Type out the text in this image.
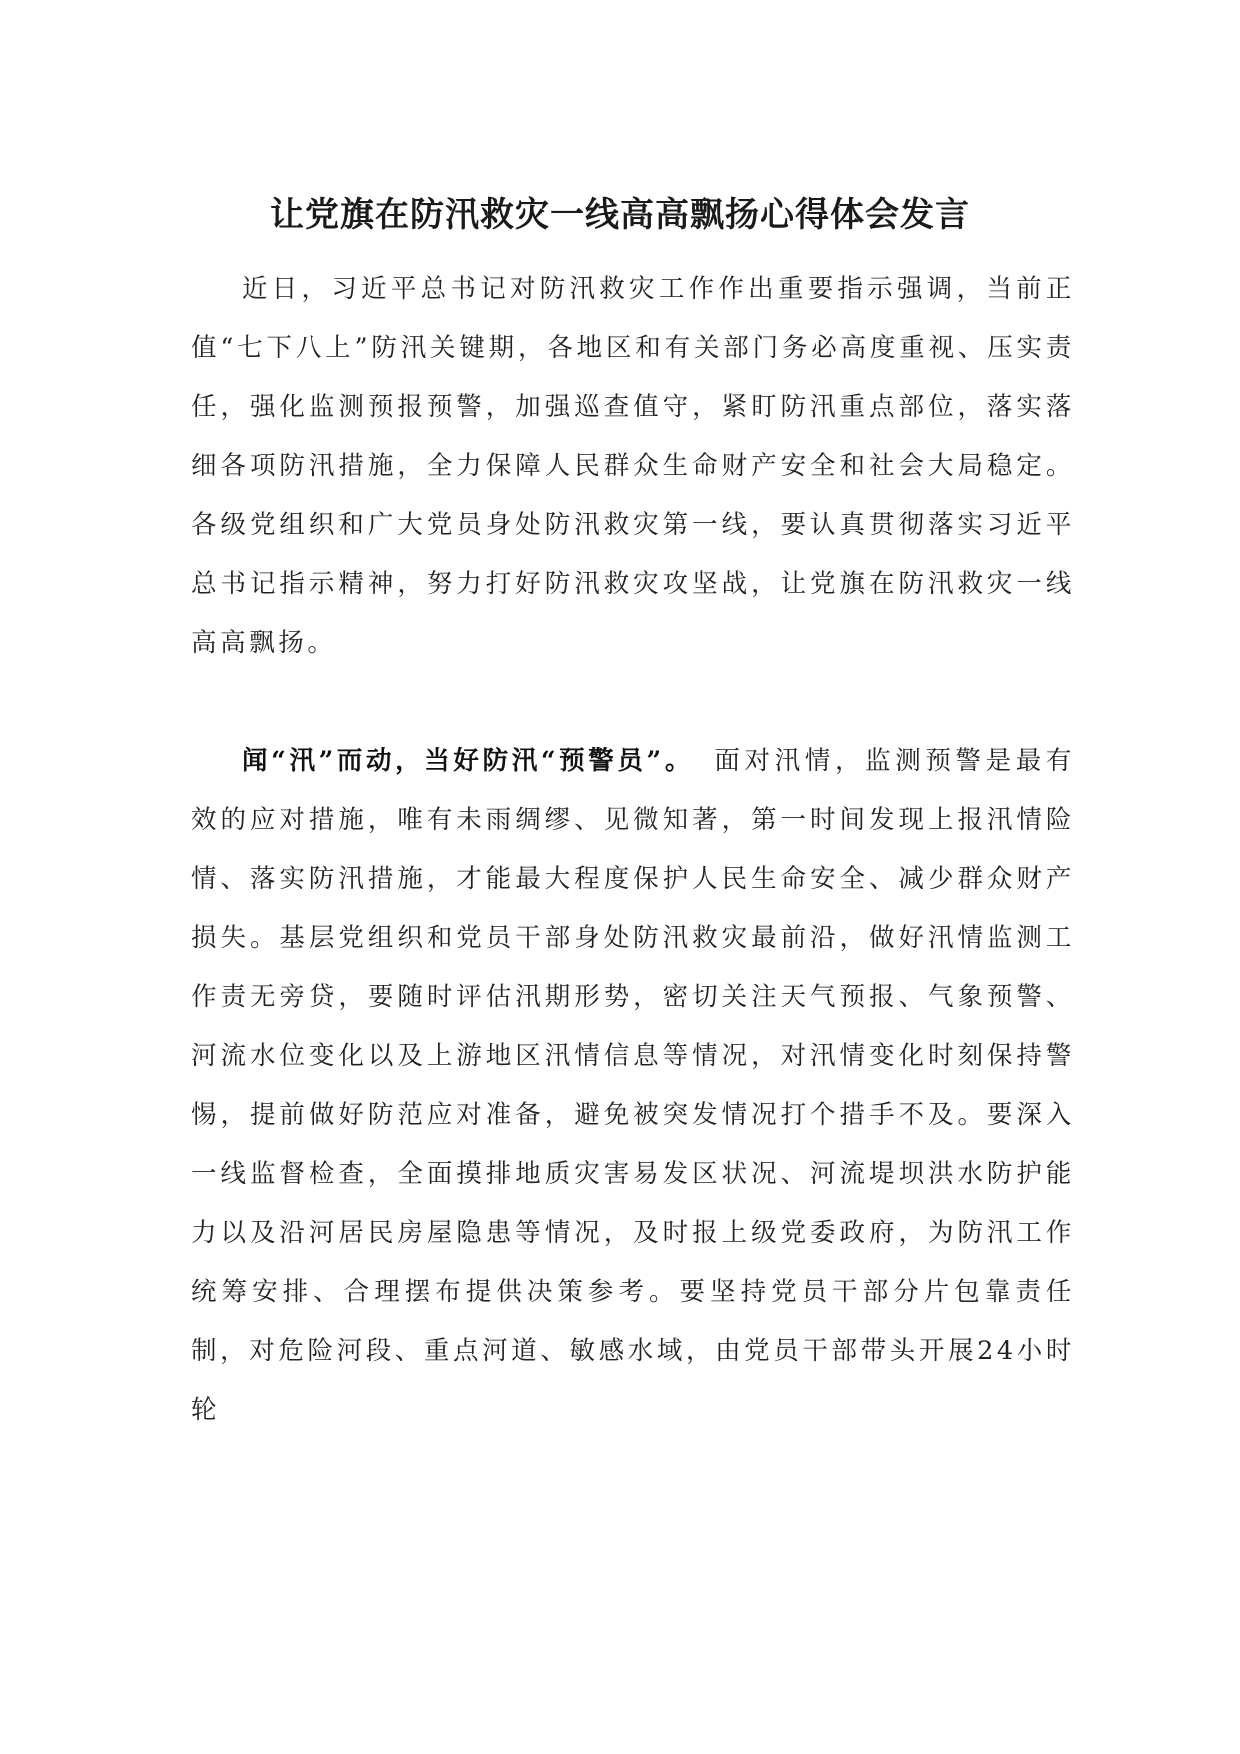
让党旗在防汛救灾一线高高飘扬心得体会发言

近日，习近平总书记对防汛救灾工作作出重要指示强调，当前正值“七下八上”防汛关键期，各地区和有关部门务必高度重视、压实责任，强化监测预报预警，加强巡查值守，紧盯防汛重点部位，落实落细各项防汛措施，全力保障人民群众生命财产安全和社会大局稳定。各级党组织和广大党员身处防汛救灾第一线，要认真贯彻落实习近平总书记指示精神，努力打好防汛救灾攻坚战，让党旗在防汛救灾一线高高飘扬。

闻“汛”而动，当好防汛“预警员”。 面对汛情，监测预警是最有效的应对措施，唯有未雨绸缪、见微知著，第一时间发现上报汛情险情、落实防汛措施，才能最大程度保护人民生命安全、减少群众财产损失。基层党组织和党员干部身处防汛救灾最前沿，做好汛情监测工作责无旁贷，要随时评估汛期形势，密切关注天气预报、气象预警、河流水位变化以及上游地区汛情信息等情况，对汛情变化时刻保持警惕，提前做好防范应对准备，避免被突发情况打个措手不及。要深入一线监督检查，全面摸排地质灾害易发区状况、河流堤坝洪水防护能力以及沿河居民房屋隐患等情况，及时报上级党委政府，为防汛工作统筹安排、合理摆布提供决策参考。要坚持党员干部分片包靠责任制，对危险河段、重点河道、敏感水域，由党员干部带头开展24小时轮
